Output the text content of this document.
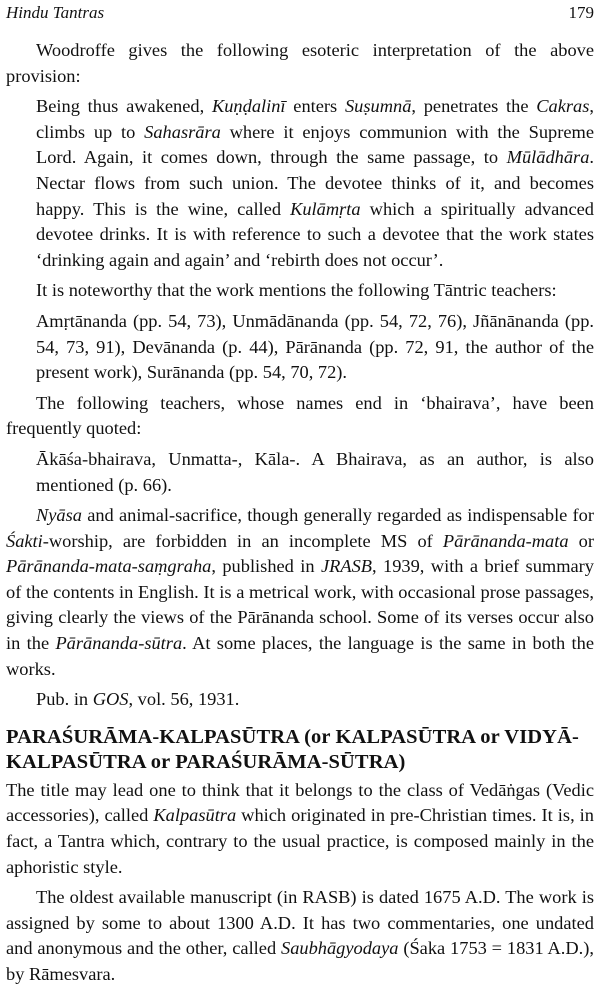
Hindu Tantras	179

Woodroffe gives the following esoteric interpretation of the above provision:

Being thus awakened, Kuṇḍalinī enters Suṣumnā, penetrates the Cakras, climbs up to Sahasrāra where it enjoys communion with the Supreme Lord. Again, it comes down, through the same passage, to Mūlādhāra. Nectar flows from such union. The devotee thinks of it, and becomes happy. This is the wine, called Kulāmṛta which a spiritually advanced devotee drinks. It is with reference to such a devotee that the work states ‘drinking again and again’ and ‘rebirth does not occur’.

It is noteworthy that the work mentions the following Tāntric teachers:

Amṛtānanda (pp. 54, 73), Unmādānanda (pp. 54, 72, 76), Jñānānanda (pp. 54, 73, 91), Devānanda (p. 44), Pārānanda (pp. 72, 91, the author of the present work), Surānanda (pp. 54, 70, 72).

The following teachers, whose names end in ‘bhairava’, have been frequently quoted:

Ākāśa-bhairava, Unmatta-, Kāla-. A Bhairava, as an author, is also mentioned (p. 66).

Nyāsa and animal-sacrifice, though generally regarded as indispensable for Śakti-worship, are forbidden in an incomplete MS of Pārānanda-mata or Pārānanda-mata-saṃgraha, published in JRASB, 1939, with a brief summary of the contents in English. It is a metrical work, with occasional prose passages, giving clearly the views of the Pārānanda school. Some of its verses occur also in the Pārānanda-sūtra. At some places, the language is the same in both the works.

Pub. in GOS, vol. 56, 1931.

PARAŚURĀMA-KALPASŪTRA (or KALPASŪTRA or VIDYĀ-KALPASŪTRA or PARAŚURĀMA-SŪTRA)

The title may lead one to think that it belongs to the class of Vedāṅgas (Vedic accessories), called Kalpasūtra which originated in pre-Christian times. It is, in fact, a Tantra which, contrary to the usual practice, is composed mainly in the aphoristic style.

The oldest available manuscript (in RASB) is dated 1675 A.D. The work is assigned by some to about 1300 A.D. It has two commentaries, one undated and anonymous and the other, called Saubhāgyodaya (Śaka 1753 = 1831 A.D.), by Rāmesvara.
